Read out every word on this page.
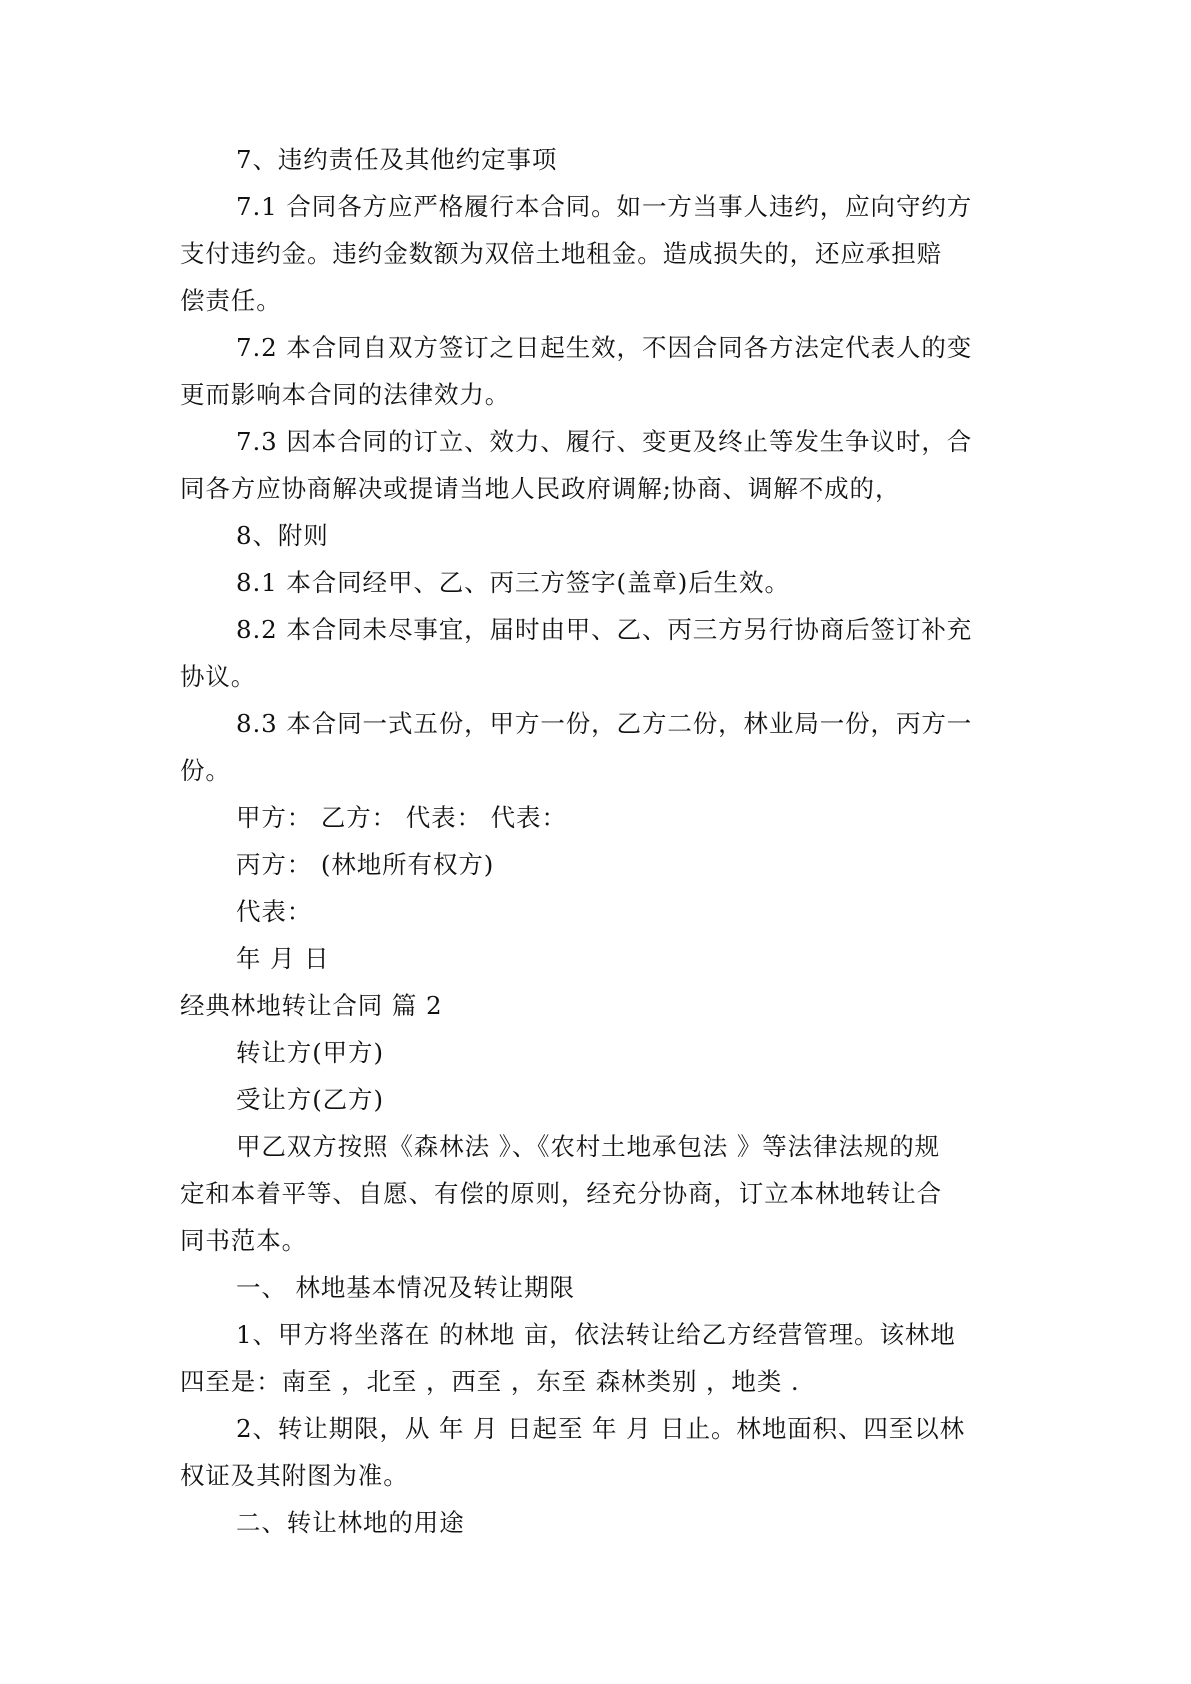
7、违约责任及其他约定事项
7.1 合同各方应严格履行本合同。如一方当事人违约，应向守约方
支付违约金。违约金数额为双倍土地租金。造成损失的，还应承担赔
偿责任。
7.2 本合同自双方签订之日起生效，不因合同各方法定代表人的变
更而影响本合同的法律效力。
7.3 因本合同的订立、效力、履行、变更及终止等发生争议时，合
同各方应协商解决或提请当地人民政府调解;协商、调解不成的，
8、附则
8.1 本合同经甲、乙、丙三方签字(盖章)后生效。
8.2 本合同未尽事宜，届时由甲、乙、丙三方另行协商后签订补充
协议。
8.3 本合同一式五份，甲方一份，乙方二份，林业局一份，丙方一
份。
甲方： 乙方： 代表： 代表：
丙方： (林地所有权方)
代表：
年 月 日
经典林地转让合同 篇 2
转让方(甲方)
受让方(乙方)
甲乙双方按照《森林法 》、《农村土地承包法 》等法律法规的规
定和本着平等、自愿、有偿的原则，经充分协商，订立本林地转让合
同书范本。
一、 林地基本情况及转让期限
1、甲方将坐落在 的林地 亩，依法转让给乙方经营管理。该林地
四至是：南至 ，北至 ，西至 ，东至 森林类别 ，地类 .
2、转让期限，从 年 月 日起至 年 月 日止。林地面积、四至以林
权证及其附图为准。
二、转让林地的用途
